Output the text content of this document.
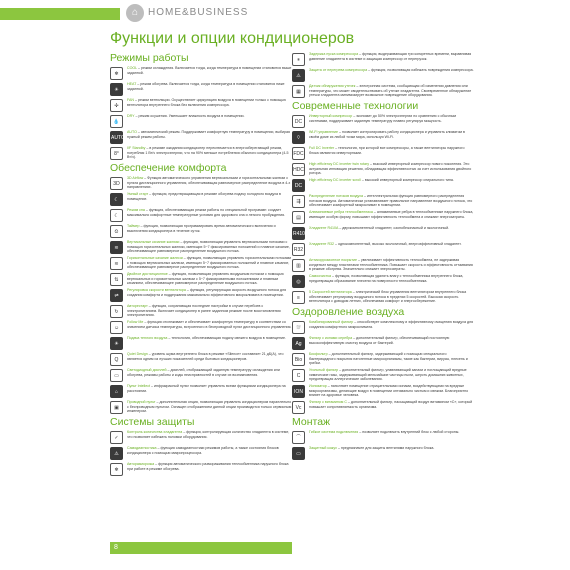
⌂ HOME&BUSINESS
Функции и опции кондиционеров
Режимы работы
❄
COOL – режим охлаждения. Включается тогда, когда температура в помещении становится выше заданной.
☀
HEAT – режим обогрева. Включается тогда, когда температура в помещении становится ниже заданной.
✣
FAN – режим вентиляции. Осуществляет циркуляцию воздуха в помещении только с помощью вентилятора внутреннего блока без включения компрессора.
💧
DRY – режим осушения. Уменьшает влажность воздуха в помещении.
AUTO
AUTO – автоматический режим. Поддерживает комфортную температуру в помещении, выбирая нужный режим работы.
8°
I/F Standby – в режиме ожидания кондиционер переключается в энергосберегающий режим, потребляя 1 Вт/ч электроэнергии, что на 90% меньше потребления обычного кондиционера (4-5 Вт/ч).
Обеспечение комфорта
3D
3D Airflow – Функция автоматического управления вертикальными и горизонтальными жалюзи с пульта дистанционного управления, обеспечивающая равномерное распределение воздуха в 4-х направлениях.
☾
Умный старт – функция, предотвращающая в режиме обогрева подачу холодного воздуха в помещение.
☾
Режим сна – функция, обеспечивающая режим работы по специальной программе: создает максимально комфортные температурные условия для здорового сна и легкого пробуждения.
⏲
Таймер – функция, позволяющая программировать время автоматического включения и выключения кондиционера в течение суток.
≋
Вертикальные качание жалюзи – функция, позволяющая управлять вертикальными потоками с помощью горизонтальных жалюзи, имеющих 5~7 фиксированных положений и плавное качание, обеспечивающее равномерное распределение воздушного потока.
≋
Горизонтальные качание жалюзи – функция, позволяющая управлять горизонтальными потоками с помощью вертикальных жалюзи, имеющих 5~7 фиксированных положений и плавное качание, обеспечивающее равномерное распределение воздушного потока.
⇅
Двойное дистанционное – функция, позволяющая управлять воздушным потоком с помощью вертикальных и горизонтальных жалюзи с 5~7 фиксированными положениями и плавным качанием, обеспечивающее равномерное распределение воздушного потока.
⇌
Регулировка скорости вентилятора – функция, регулирующая скорость воздушного потока для создания комфорта и поддержания максимально эффективного микроклимата в помещении.
↻
Авторестарт – функция, сохраняющая последние настройки в случае перебоев с электропитанием. Включает кондиционер в ранее заданном режиме после восстановления электропитания.
☺
Follow Me – функция отслеживает и обеспечивает комфортную температуру в соответствии со значением датчика температуры, встроенного в беспроводной пульт дистанционного управления.
☀
Подача теплого воздуха – технология, обеспечивающая подачу свежего воздуха в помещение.
Q
Quiet Design – уровень шума внутреннего блока в режиме «Silence» составляет 21 дБ(А), что является одним из лучших показателей среди бытовых кондиционеров.
▭
Светодиодный дисплей – дисплей, отображающий заданную температуру охлаждения или обогрева, режимы работы и коды неисправностей в случае их возникновения.
⌂
Пульт Intellect – инфракрасный пульт позволяет управлять всеми функциями кондиционера на расстоянии.
▣
Проводной пульт – дополнительная опция, позволяющая управлять кондиционером параллельно с беспроводным пультом. Оснащен отображением данной опции производится только сервисным инженером.
Системы защиты
✓
Контроль количества хладагента – функция, контролирующая количество хладагента в системе, что позволяет избежать поломки оборудования.
⚠
Самодиагностика – функция самодиагностики режимов работы, а также состояния блоков кондиционера с помощью микропроцессора.
❄
Авторазморозка – функция автоматического размораживания теплообменника наружного блока при работе в режиме обогрева.
⏸
Задержка пуска компрессора – функция, выдерживающая три конкретных времени, выравнивая давление хладагента в системе и защищая компрессор от перегрузок.
⚠
Защита от перегрева компрессора – функция, позволяющая избежать повреждения компрессора.
▦
Датчик обнаружения утечек – электронная система, сообщающая об изменении давления или температуры, что может свидетельствовать об утечке хладагента. Своевременное обнаружение утечки хладагента минимизирует возможное повреждение оборудования.
Современные технологии
DC
Инверторный компрессор – экономит до 50% электроэнергии по сравнению с обычным системами, поддерживает заданную температуру плавно регулируя мощность.
⌔
Wi-Fi управление – позволяет контролировать работу кондиционера и управлять климатом в своём доме из любой точки мира, используя Wi-Fi.
FDC
Full DC Inverter – технология, при которой все компрессоры, а также вентиляторы наружного блока являются инверторными.
HDC
High efficiency DC inverter twin rotary – высокий инверторный компрессор нового поколения. Это актуальная инновация решения, обладающая эффективностью за счет использования двойного ротора.
DC
High efficiency DC inverter scroll – высокий инверторный компрессор спирального типа.
⇶
Распределение потоков воздуха – интеллектуальная функция равномерного распределения потоков воздуха. Автоматически устанавливает правильное направление воздушного потока, что обеспечивает комфортный микроклимат в помещении.
▤
Алюминиевые ребра теплообменника – алюминиевые ребра в теплообменнике наружнего блока, имеющие особую форму, повышают эффективность теплообмена и снижают энергозатраты.
R410
Хладагент R410A – двухкомпонентный хладагент, озонобезопасный и экологичный.
R32
Хладагент R32 – однокомпонентный, высоко экологичный, энергоэффективный хладагент.
▥
Антикоррозионное покрытие – увеличивает эффективность теплообмена, не задерживая конденсат между пластинами теплообменника. Повышает скорость и эффективность оттаивания в режиме обогрева. Значительно снижает энергозатраты.
◎
Самоочистка – функция, позволяющая удалять влагу с теплообменника внутреннего блока, предотвращая образование плесени на поверхности теплообменника.
≡
5 Скоростей вентилятора – электрический блок управления вентилятором внутреннего блока обеспечивает регулировку воздушного потока в пределах 5 скоростей. Высокая скорость вентилятора с доводом летних, обеспечивая комфорт и энергосбережение.
Оздоровление воздуха
⛆
Комбинированный фильтр – способствует комплексному и эффективному очищению воздуха для создания комфортного микроклимата.
Ag
Фильтр с ионами серебра – дополнительный фильтр, обеспечивающий постоянную высокоэффективную очистку воздуха от бактерий.
Bio
Биофильтр – дополнительный фильтр, задерживающий с помощью специального бактерицидного покрытия патогенные микроорганизмы, такие как бактерии, вирусы, плесень и грибки.
C
Угольный фильтр – дополнительный фильтр, улавливающий запахи и поглощающий вредные химические газы, задерживающий мельчайшие частицы пыли, шерсть домашних животных, предотвращая аллергические заболевания.
ION
Ионизатор – наполняет помещение отрицательными ионами, воздействующими на вредные микроорганизмы, делающие воздух в помещении оптимально чистым и свежим. Благоприятно влияет на здоровье человека.
Vc
Фильтр с витамином C – дополнительный фильтр, насыщающий воздух витамином «С», который повышает сопротивляемость организма.
Монтаж
⌒
Гибкое система подключения – позволяет подключить внутренний блок с любой стороны.
▭
Защитный кожух – предназначен для защиты вентилями наружного блока.
8
